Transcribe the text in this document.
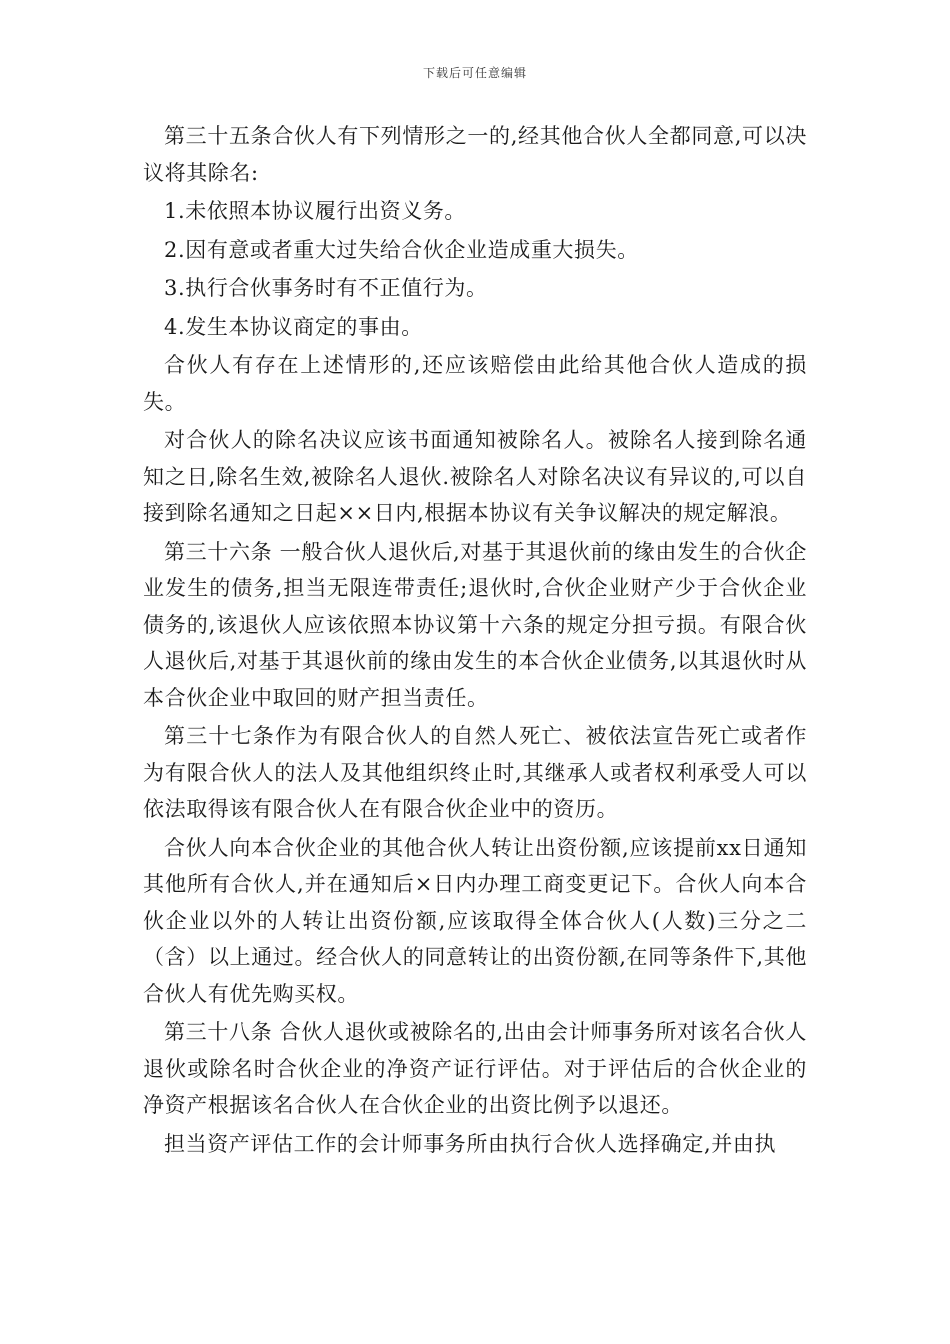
下载后可任意编辑

第三十五条合伙人有下列情形之一的,经其他合伙人全都同意,可以决议将其除名:

1.未依照本协议履行出资义务。

2.因有意或者重大过失给合伙企业造成重大损失。

3.执行合伙事务时有不正值行为。

4.发生本协议商定的事由。

合伙人有存在上述情形的,还应该赔偿由此给其他合伙人造成的损失。

对合伙人的除名决议应该书面通知被除名人。被除名人接到除名通知之日,除名生效,被除名人退伙.被除名人对除名决议有异议的,可以自接到除名通知之日起××日内,根据本协议有关争议解决的规定解浪。

第三十六条 一般合伙人退伙后,对基于其退伙前的缘由发生的合伙企业发生的债务,担当无限连带责任;退伙时,合伙企业财产少于合伙企业债务的,该退伙人应该依照本协议第十六条的规定分担亏损。有限合伙人退伙后,对基于其退伙前的缘由发生的本合伙企业债务,以其退伙时从本合伙企业中取回的财产担当责任。

第三十七条作为有限合伙人的自然人死亡、被依法宣告死亡或者作为有限合伙人的法人及其他组织终止时,其继承人或者权利承受人可以依法取得该有限合伙人在有限合伙企业中的资历。

合伙人向本合伙企业的其他合伙人转让出资份额,应该提前xx日通知其他所有合伙人,并在通知后×日内办理工商变更记下。合伙人向本合伙企业以外的人转让出资份额,应该取得全体合伙人(人数)三分之二（含）以上通过。经合伙人的同意转让的出资份额,在同等条件下,其他合伙人有优先购买权。

第三十八条 合伙人退伙或被除名的,出由会计师事务所对该名合伙人退伙或除名时合伙企业的净资产证行评估。对于评估后的合伙企业的净资产根据该名合伙人在合伙企业的出资比例予以退还。

担当资产评估工作的会计师事务所由执行合伙人选择确定,并由执
